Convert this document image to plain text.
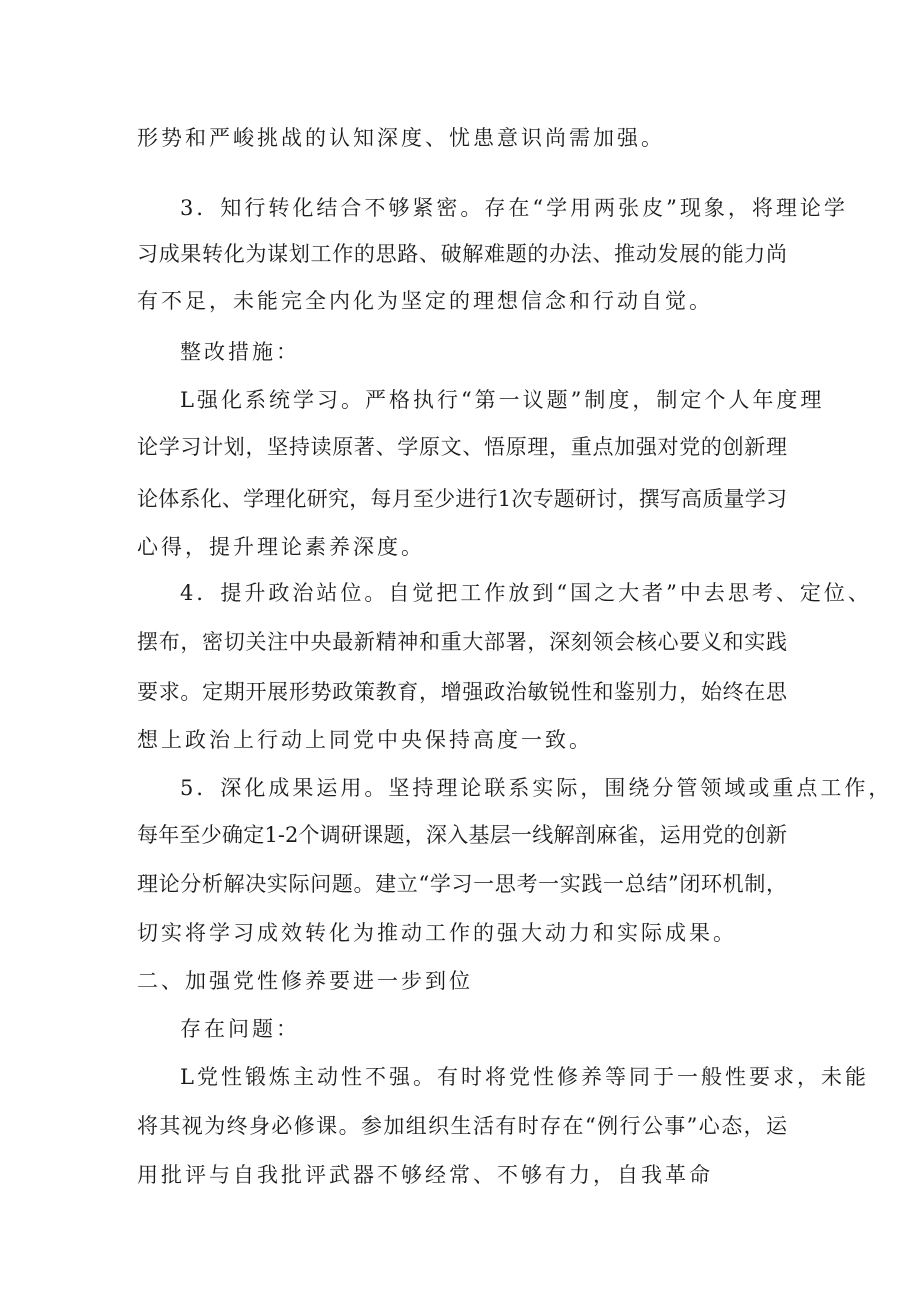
形势和严峻挑战的认知深度、忧患意识尚需加强。
3．知行转化结合不够紧密。存在“学用两张皮”现象，将理论学
习成果转化为谋划工作的思路、破解难题的办法、推动发展的能力尚
有不足，未能完全内化为坚定的理想信念和行动自觉。
整改措施：
L强化系统学习。严格执行“第一议题”制度，制定个人年度理
论学习计划，坚持读原著、学原文、悟原理，重点加强对党的创新理
论体系化、学理化研究，每月至少进行1次专题研讨，撰写高质量学习
心得，提升理论素养深度。
4．提升政治站位。自觉把工作放到“国之大者”中去思考、定位、
摆布，密切关注中央最新精神和重大部署，深刻领会核心要义和实践
要求。定期开展形势政策教育，增强政治敏锐性和鉴别力，始终在思
想上政治上行动上同党中央保持高度一致。
5．深化成果运用。坚持理论联系实际，围绕分管领域或重点工作，
每年至少确定1-2个调研课题，深入基层一线解剖麻雀，运用党的创新
理论分析解决实际问题。建立“学习一思考一实践一总结”闭环机制，
切实将学习成效转化为推动工作的强大动力和实际成果。
二、加强党性修养要进一步到位
存在问题：
L党性锻炼主动性不强。有时将党性修养等同于一般性要求，未能
将其视为终身必修课。参加组织生活有时存在“例行公事”心态，运
用批评与自我批评武器不够经常、不够有力，自我革命
